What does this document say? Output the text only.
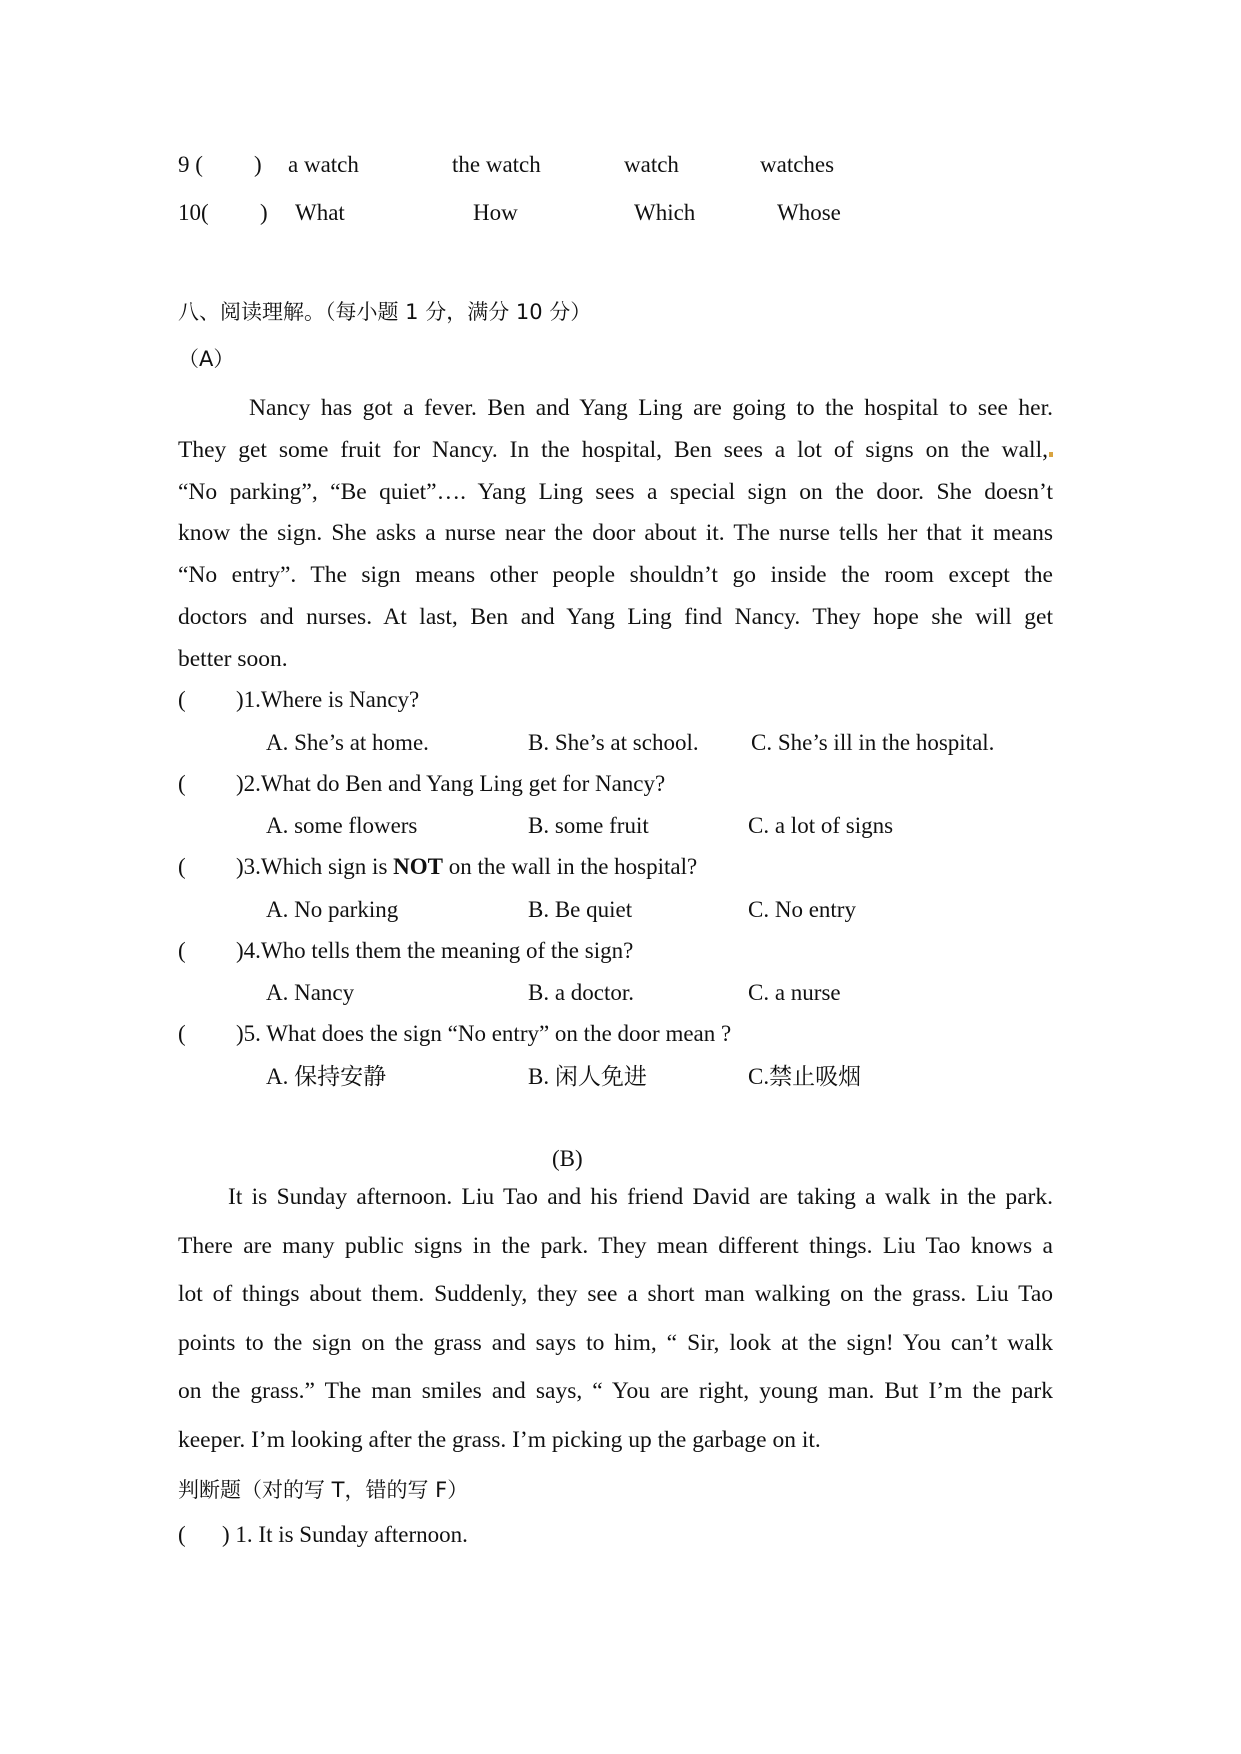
9 ( ) a watch	the watch	watch	watches
10( ) What	How	Which	Whose
八、阅读理解。（每小题 1 分，满分 10 分）
（A）
Nancy has got a fever. Ben and Yang Ling are going to the hospital to see her.
They get some fruit for Nancy. In the hospital, Ben sees a lot of signs on the wall,
“No parking”, “Be quiet”…. Yang Ling sees a special sign on the door. She doesn’t
know the sign. She asks a nurse near the door about it. The nurse tells her that it means
“No entry”. The sign means other people shouldn’t go inside the room except the
doctors and nurses. At last, Ben and Yang Ling find Nancy. They hope she will get
better soon.
( )1.Where is Nancy?
A. She’s at home.	B. She’s at school. C. She’s ill in the hospital.
( )2.What do Ben and Yang Ling get for Nancy?
A. some flowers	B. some fruit	C. a lot of signs
( )3.Which sign is NOT on the wall in the hospital?
A. No parking	B. Be quiet	C. No entry
( )4.Who tells them the meaning of the sign?
A. Nancy	B. a doctor.	C. a nurse
( )5. What does the sign “No entry” on the door mean ?
A. 保持安静	B. 闲人免进	C.禁止吸烟
(B)
It is Sunday afternoon. Liu Tao and his friend David are taking a walk in the park.
There are many public signs in the park. They mean different things. Liu Tao knows a
lot of things about them. Suddenly, they see a short man walking on the grass. Liu Tao
points to the sign on the grass and says to him, “ Sir, look at the sign! You can’t walk
on the grass.” The man smiles and says, “ You are right, young man. But I’m the park
keeper. I’m looking after the grass. I’m picking up the garbage on it.
判断题（对的写 T，错的写 F）
( ) 1. It is Sunday afternoon.
